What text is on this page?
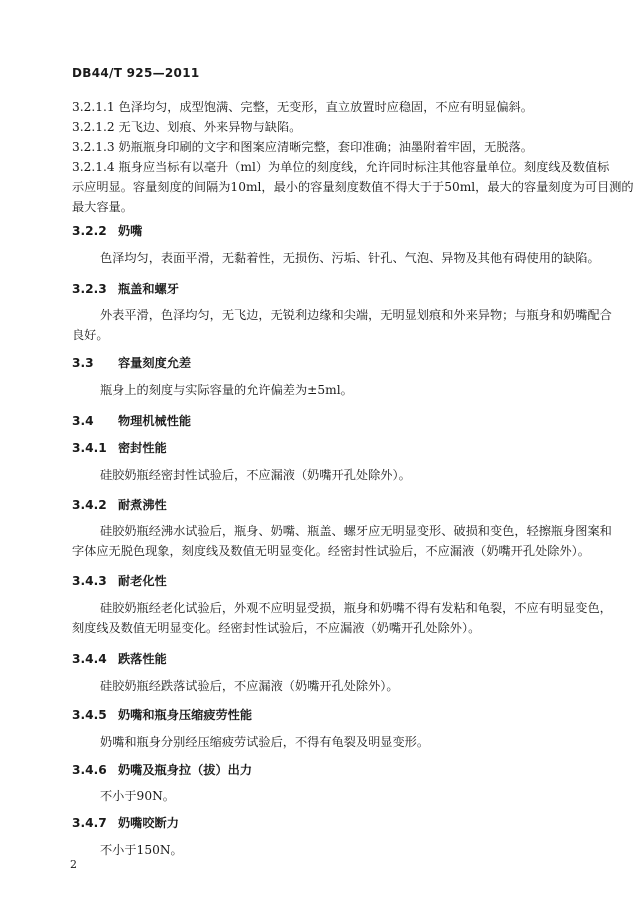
DB44/T 925—2011
3.2.1.1 色泽均匀，成型饱满、完整，无变形，直立放置时应稳固，不应有明显偏斜。
3.2.1.2 无飞边、划痕、外来异物与缺陷。
3.2.1.3 奶瓶瓶身印刷的文字和图案应清晰完整，套印准确；油墨附着牢固，无脱落。
3.2.1.4 瓶身应当标有以毫升（ml）为单位的刻度线，允许同时标注其他容量单位。刻度线及数值标
示应明显。容量刻度的间隔为10ml，最小的容量刻度数值不得大于于50ml，最大的容量刻度为可目测的
最大容量。
3.2.2 奶嘴
色泽均匀，表面平滑，无黏着性，无损伤、污垢、针孔、气泡、异物及其他有碍使用的缺陷。
3.2.3 瓶盖和螺牙
外表平滑，色泽均匀，无飞边，无锐利边缘和尖端，无明显划痕和外来异物；与瓶身和奶嘴配合
良好。
3.3 容量刻度允差
瓶身上的刻度与实际容量的允许偏差为±5ml。
3.4 物理机械性能
3.4.1 密封性能
硅胶奶瓶经密封性试验后，不应漏液（奶嘴开孔处除外）。
3.4.2 耐煮沸性
硅胶奶瓶经沸水试验后，瓶身、奶嘴、瓶盖、螺牙应无明显变形、破损和变色，轻擦瓶身图案和
字体应无脱色现象，刻度线及数值无明显变化。经密封性试验后，不应漏液（奶嘴开孔处除外）。
3.4.3 耐老化性
硅胶奶瓶经老化试验后，外观不应明显受损，瓶身和奶嘴不得有发粘和龟裂，不应有明显变色，
刻度线及数值无明显变化。经密封性试验后，不应漏液（奶嘴开孔处除外）。
3.4.4 跌落性能
硅胶奶瓶经跌落试验后，不应漏液（奶嘴开孔处除外）。
3.4.5 奶嘴和瓶身压缩疲劳性能
奶嘴和瓶身分别经压缩疲劳试验后，不得有龟裂及明显变形。
3.4.6 奶嘴及瓶身拉（拔）出力
不小于90N。
3.4.7 奶嘴咬断力
不小于150N。
2
